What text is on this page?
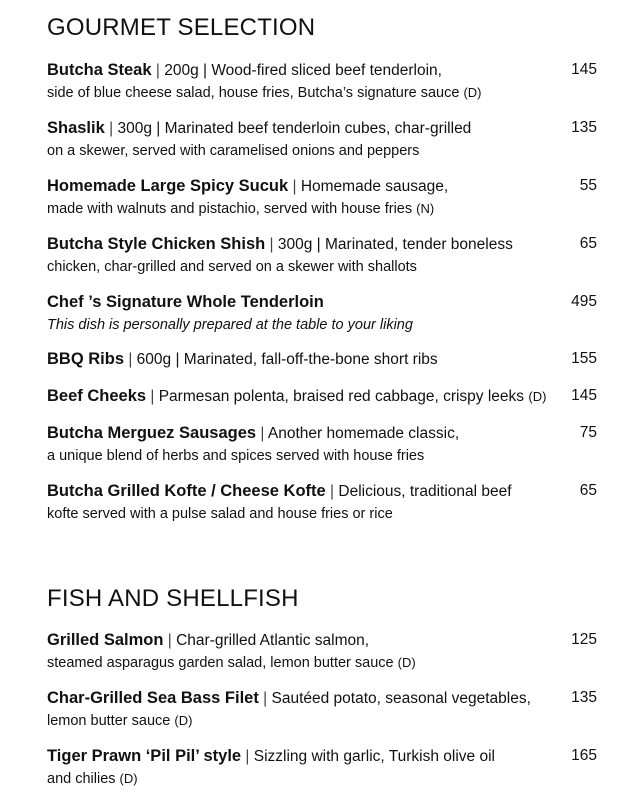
GOURMET SELECTION
Butcha Steak | 200g | Wood-fired sliced beef tenderloin,
side of blue cheese salad, house fries, Butcha’s signature sauce (D)
145
Shaslik | 300g | Marinated beef tenderloin cubes, char-grilled
on a skewer, served with caramelised onions and peppers
135
Homemade Large Spicy Sucuk | Homemade sausage,
made with walnuts and pistachio, served with house fries (N)
55
Butcha Style Chicken Shish | 300g | Marinated, tender boneless
chicken, char-grilled and served on a skewer with shallots
65
Chef ’s Signature Whole Tenderloin
This dish is personally prepared at the table to your liking
495
BBQ Ribs | 600g | Marinated, fall-off-the-bone short ribs	155
Beef Cheeks | Parmesan polenta, braised red cabbage, crispy leeks (D)	145
Butcha Merguez Sausages | Another homemade classic,
a unique blend of herbs and spices served with house fries
75
Butcha Grilled Kofte / Cheese Kofte | Delicious, traditional beef
kofte served with a pulse salad and house fries or rice
65
FISH AND SHELLFISH
Grilled Salmon | Char-grilled Atlantic salmon,
steamed asparagus garden salad, lemon butter sauce (D)
125
Char-Grilled Sea Bass Filet | Sautéed potato, seasonal vegetables,
lemon butter sauce (D)
135
Tiger Prawn ‘Pil Pil’ style | Sizzling with garlic, Turkish olive oil
and chilies (D)
165
